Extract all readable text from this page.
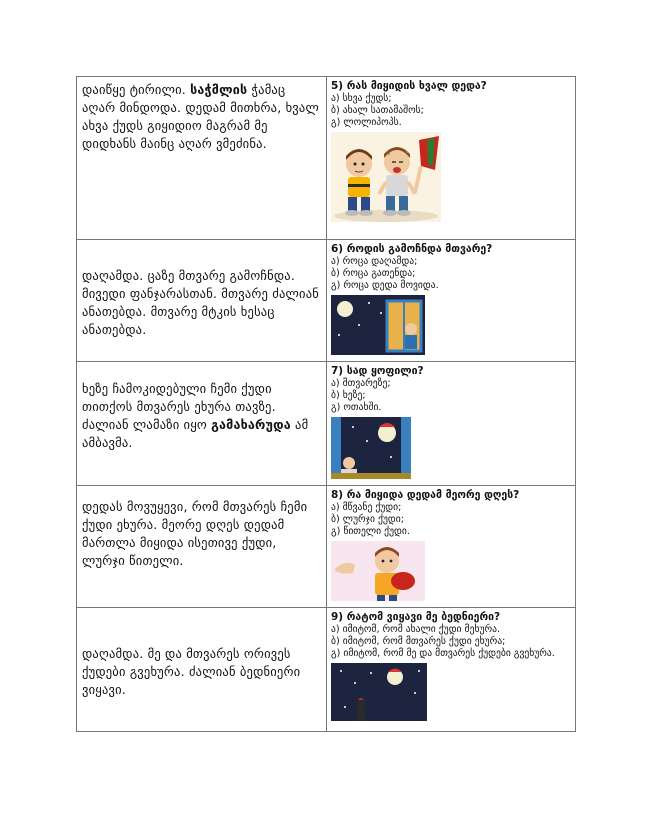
დაიწყე ტირილი. საჭმლის ჭამაც აღარ მინდოდა. დედამ მითხრა, ხვალ ახვა ქუდს გიყიდიო მაგრამ მე დიდხანს მაინც აღარ ვმეძინა.	5) რას მიყიდის ხვალ დედა?
ა) სხვა ქუდს;
ბ) ახალ სათამაშოს;
გ) ლოლიპოპს.

დაღამდა. ცაზე მთვარე გამოჩნდა. მივედი ფანჯარასთან. მთვარე ძალიან ანათებდა. მთვარე მტკის ხესაც ანათებდა.	6) როდის გამოჩნდა მთვარე?
ა) როცა დაღამდა;
ბ) როცა გათენდა;
გ) როცა დედა მოვიდა.

ხეზე ჩამოკიდებული ჩემი ქუდი თითქოს მთვარეს ეხურა თავზე. ძალიან ლამაზი იყო გამახარუდა ამ ამბავმა.	7) სად ყოფილი?
ა) მთვარეზე;
ბ) ხეზე;
გ) ოთახში.

დედას მოვუყევი, რომ მთვარეს ჩემი ქუდი ეხურა. მეორე დღეს დედამ მართლა მიყიდა ისეთივე ქუდი, ლურჯი წითელი.	8) რა მიყიდა დედამ მეორე დღეს?
ა) მწვანე ქუდი;
ბ) ლურჯი ქუდი;
გ) წითელი ქუდი.

დაღამდა. მე და მთვარეს ორივეს ქუდები გვეხურა. ძალიან ბედნიერი ვიყავი.	9) რატომ ვიყავი მე ბედნიერი?
ა) იმიტომ, რომ ახალი ქუდი მეხურა.
ბ) იმიტომ, რომ მთვარეს ქუდი ეხურა;
გ) იმიტომ, რომ მე და მთვარეს ქუდები გვეხურა.
